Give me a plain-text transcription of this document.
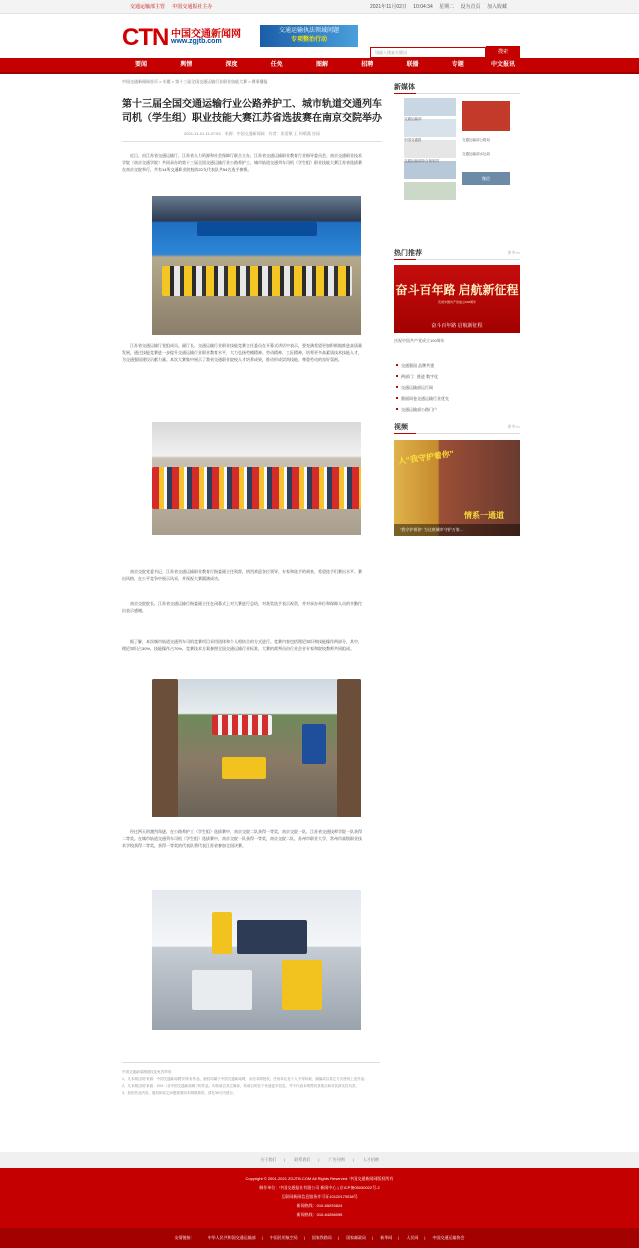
交通运输部主管 中国交通报社主办	2021年11月02日 10:04:34 星期二 设为首页 加入收藏
CTN 中国交通新闻网
www.zgjtb.com
交通运输执法领域问题
专项整治行动
请输入搜索关键词	搜索
要闻	舆情	深度	任免	图解	招聘	联播	专题	中文报讯
中国交通新闻网首页 > 专题 > 第十三届全国交通运输行业职业技能大赛 > 赛事播报
第十三届全国交通运输行业公路养护工、城市轨道交通列车司机（学生组）职业技能大赛江苏省选拔赛在南京交院举办
2021-11-01 11:27:53　来源：中国交通新闻网　作者：张雷敏 王 柯晴燕 房园

近日，由江苏省交通运输厅、江苏省人力资源和社会保障厅联合主办，江苏省交通运输职业教育行业指导委员会、南京交通职业技术学院（南京交通学院）共同承办的第十三届全国交通运输行业公路养护工、城市轨道交通列车司机（学生组）职业技能大赛江苏省选拔赛在南京交院举行，共有14所交通职业院校的22支代表队共54名选手参赛。

江苏省交通运输厅党组成员、副厅长、交通运输行业职业技能竞赛主任委员在开幕式讲话中表示，要充满希望更加积极地推进高质量发展，通过技能竞赛进一步提升交通运输行业职业教育水平，大力弘扬劳模精神、劳动精神、工匠精神，培养更多高素质技术技能人才，为交通强国建设贡献力量。本次大赛集中展示了我省交通职业院校人才培养成果，推动形成崇尚技能、尊重劳动的良好氛围。

南京交院党委书记、江苏省交通运输职业教育行指委副主任致辞，热烈欢迎各位领导、专家和选手的到来，希望选手们赛出水平、赛出风格，在公平竞争中展示风采，并预祝大赛圆满成功。

南京交院院长、江苏省交通运输行指委副主任在闭幕式上对大赛进行总结，对获奖选手表示祝贺，并对承办单位和保障人员的辛勤付出表示感谢。

据了解，本次城市轨道交通列车司机竞赛项目采用团体和个人相结合的方式进行。竞赛内容包括理论知识和技能操作两部分，其中，理论知识占30%，技能操作占70%，竞赛技术方案参照全国交通运输行业标准，大赛的裁判员由行业企业专家和院校教师共同组成。

经过两天的激烈角逐，在公路养护工（学生组）选拔赛中，南京交院二队获得一等奖，南京交院一队、江苏省交通技师学院一队获得二等奖。在城市轨道交通列车司机（学生组）选拔赛中，南京交院一队获得一等奖，南京交院二队、苏州市职业大学、常州市高级职业技术学校获得二等奖。获得一等奖的代表队将代表江苏省参加全国决赛。

中国交通新闻网版权及免责声明：
1、凡本网注明“来源：中国交通新闻网”的所有作品，版权均属于中国交通新闻网，未经本网授权，任何单位及个人不得转载、摘编或以其它方式使用上述作品。
2、凡本网注明“来源：XXX（非中国交通新闻网）”的作品，均转载自其它媒体，转载目的在于传递更多信息，并不代表本网赞同其观点和对其真实性负责。
3、如因作品内容、版权和其它问题需要同本网联系的，请在30日内进行。
新媒体
交通运输部
中国交通报
交通运输部综合规划司
交通运输部公路局
交通运输部水运局
微信
热门推荐	更多>>
奋斗百年路 启航新征程
庆祝中国共产党成立100周年
奋斗百年路 启航新征程
庆祝中国共产党成立100周年
交通强国 品牌共建
两部门：推进 数字化
交通运输部运行网
鼎丽同卷交通运输行业优先
交通运输部公路门户
视频	更多>>
人“我守护着你”
情系一通道
“我守护着你” 为这座城市守护万家…
关于我们 | 联系我们 | 广告刊例 | 人才招聘

Copyright © 2001-2021 ZGJTB.COM All Rights Reserved. 中国交通新闻网版权所有

制作单位：中国交通报社有限公司 新闻中心 | 京ICP备05030022号-2

互联网新闻信息服务许可证10120170038号

新闻热线：010-65293624

新闻热线：010-64266095

友情链接：	中华人民共和国交通运输部 | 中国民用航空局 | 国家铁路局 | 国家邮政局 | 新华网 | 人民网 | 中国交通运输协会
